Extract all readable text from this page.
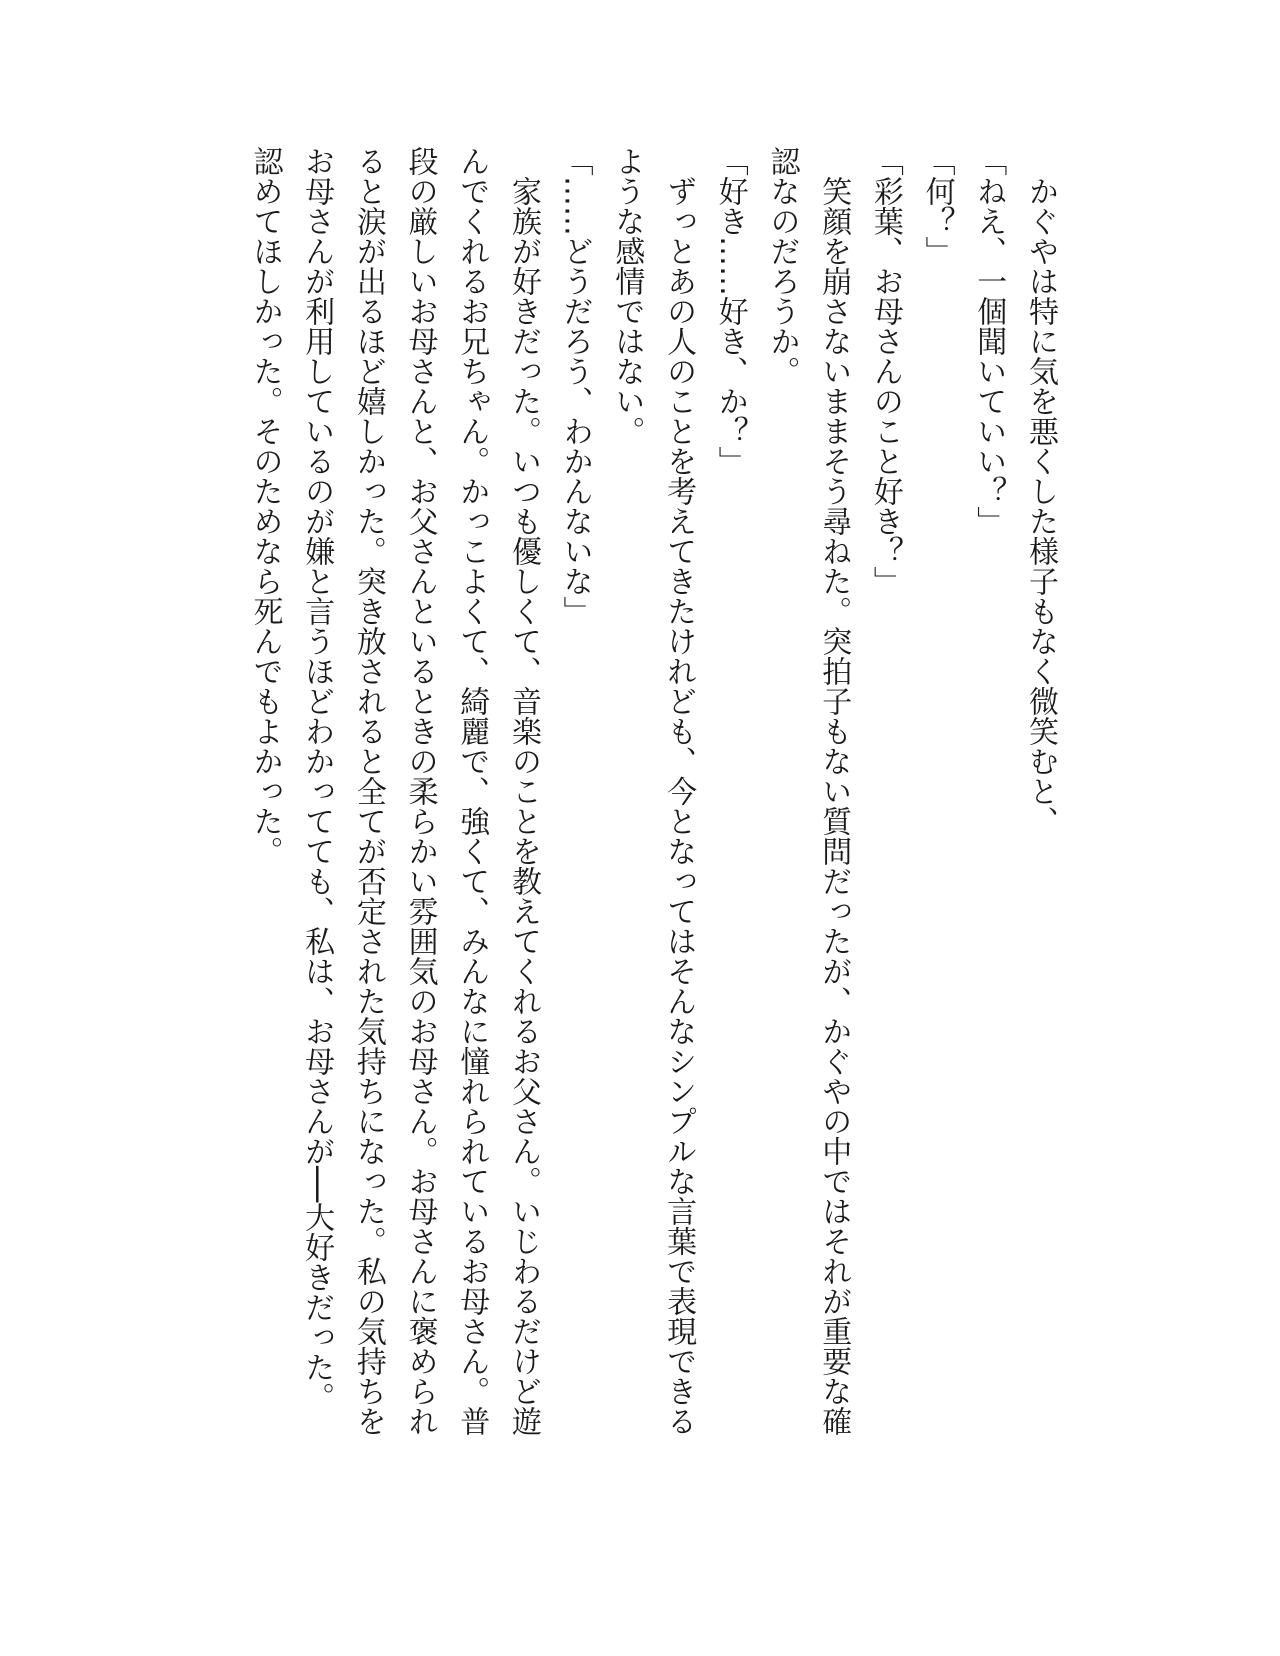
　かぐやは特に気を悪くした様子もなく微笑むと、
「ねえ、一個聞いていい？」
「何？」
「彩葉、お母さんのこと好き？」
　笑顔を崩さないままそう尋ねた。突拍子もない質問だったが、かぐやの中ではそれが重要な確
認なのだろうか。
「好き……好き、か？」
　ずっとあの人のことを考えてきたけれども、今となってはそんなシンプルな言葉で表現できる
ような感情ではない。
「……どうだろう、わかんないな」
　家族が好きだった。いつも優しくて、音楽のことを教えてくれるお父さん。いじわるだけど遊
んでくれるお兄ちゃん。かっこよくて、綺麗で、強くて、みんなに憧れられているお母さん。普
段の厳しいお母さんと、お父さんといるときの柔らかい雰囲気のお母さん。お母さんに褒められ
ると涙が出るほど嬉しかった。突き放されると全てが否定された気持ちになった。私の気持ちを
お母さんが利用しているのが嫌と言うほどわかってても、私は、お母さんが──大好きだった。
認めてほしかった。そのためなら死んでもよかった。
